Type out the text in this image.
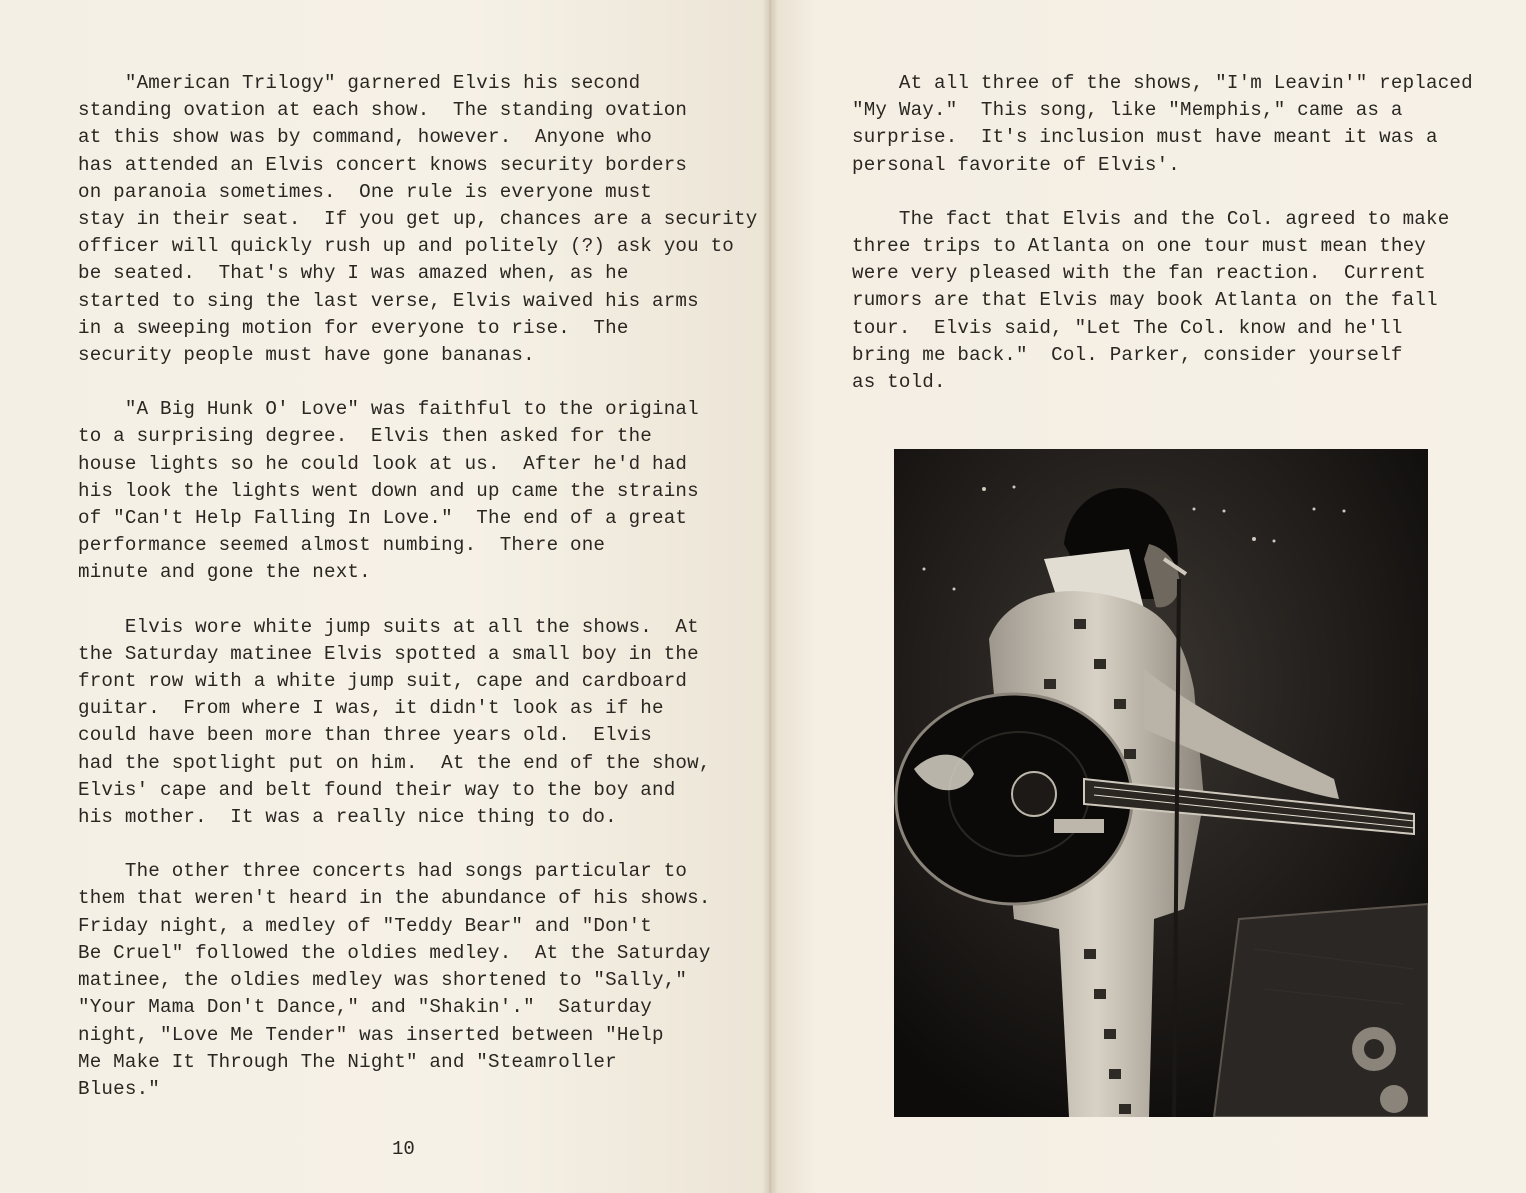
"American Trilogy" garnered Elvis his second
standing ovation at each show.  The standing ovation
at this show was by command, however.  Anyone who
has attended an Elvis concert knows security borders
on paranoia sometimes.  One rule is everyone must
stay in their seat.  If you get up, chances are a security
officer will quickly rush up and politely (?) ask you to
be seated.  That's why I was amazed when, as he
started to sing the last verse, Elvis waived his arms
in a sweeping motion for everyone to rise.  The
security people must have gone bananas.

"A Big Hunk O' Love" was faithful to the original
to a surprising degree.  Elvis then asked for the
house lights so he could look at us.  After he'd had
his look the lights went down and up came the strains
of "Can't Help Falling In Love."  The end of a great
performance seemed almost numbing.  There one
minute and gone the next.

Elvis wore white jump suits at all the shows.  At
the Saturday matinee Elvis spotted a small boy in the
front row with a white jump suit, cape and cardboard
guitar.  From where I was, it didn't look as if he
could have been more than three years old.  Elvis
had the spotlight put on him.  At the end of the show,
Elvis' cape and belt found their way to the boy and
his mother.  It was a really nice thing to do.

The other three concerts had songs particular to
them that weren't heard in the abundance of his shows.
Friday night, a medley of "Teddy Bear" and "Don't
Be Cruel" followed the oldies medley.  At the Saturday
matinee, the oldies medley was shortened to "Sally,"
"Your Mama Don't Dance," and "Shakin'."  Saturday
night, "Love Me Tender" was inserted between "Help
Me Make It Through The Night" and "Steamroller
Blues."

10

At all three of the shows, "I'm Leavin'" replaced
"My Way."  This song, like "Memphis," came as a
surprise.  It's inclusion must have meant it was a
personal favorite of Elvis'.

The fact that Elvis and the Col. agreed to make
three trips to Atlanta on one tour must mean they
were very pleased with the fan reaction.  Current
rumors are that Elvis may book Atlanta on the fall
tour.  Elvis said, "Let The Col. know and he'll
bring me back."  Col. Parker, consider yourself
as told.
